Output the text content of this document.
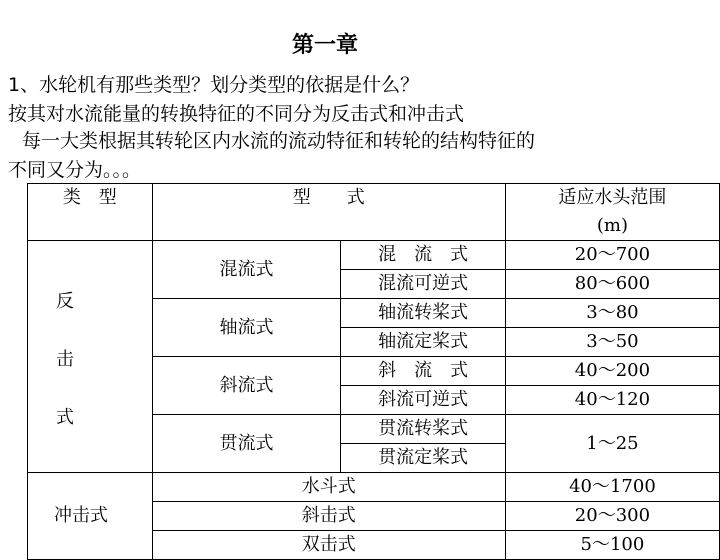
第一章
1、水轮机有那些类型？划分类型的依据是什么？
按其对水流能量的转换特征的不同分为反击式和冲击式
每一大类根据其转轮区内水流的流动特征和转轮的结构特征的
不同又分为。。。
类　型	型　　式		适应水头范围
(m)

反
击
式	混流式	混　流　式	20～700
		混流可逆式	80～600
	轴流式	轴流转桨式	3～80
		轴流定桨式	3～50
	斜流式	斜　流　式	40～200
		斜流可逆式	40～120
	贯流式	贯流转桨式	1～25
		贯流定桨式	
冲击式	水斗式		40～1700
	斜击式		20～300
	双击式		5～100
